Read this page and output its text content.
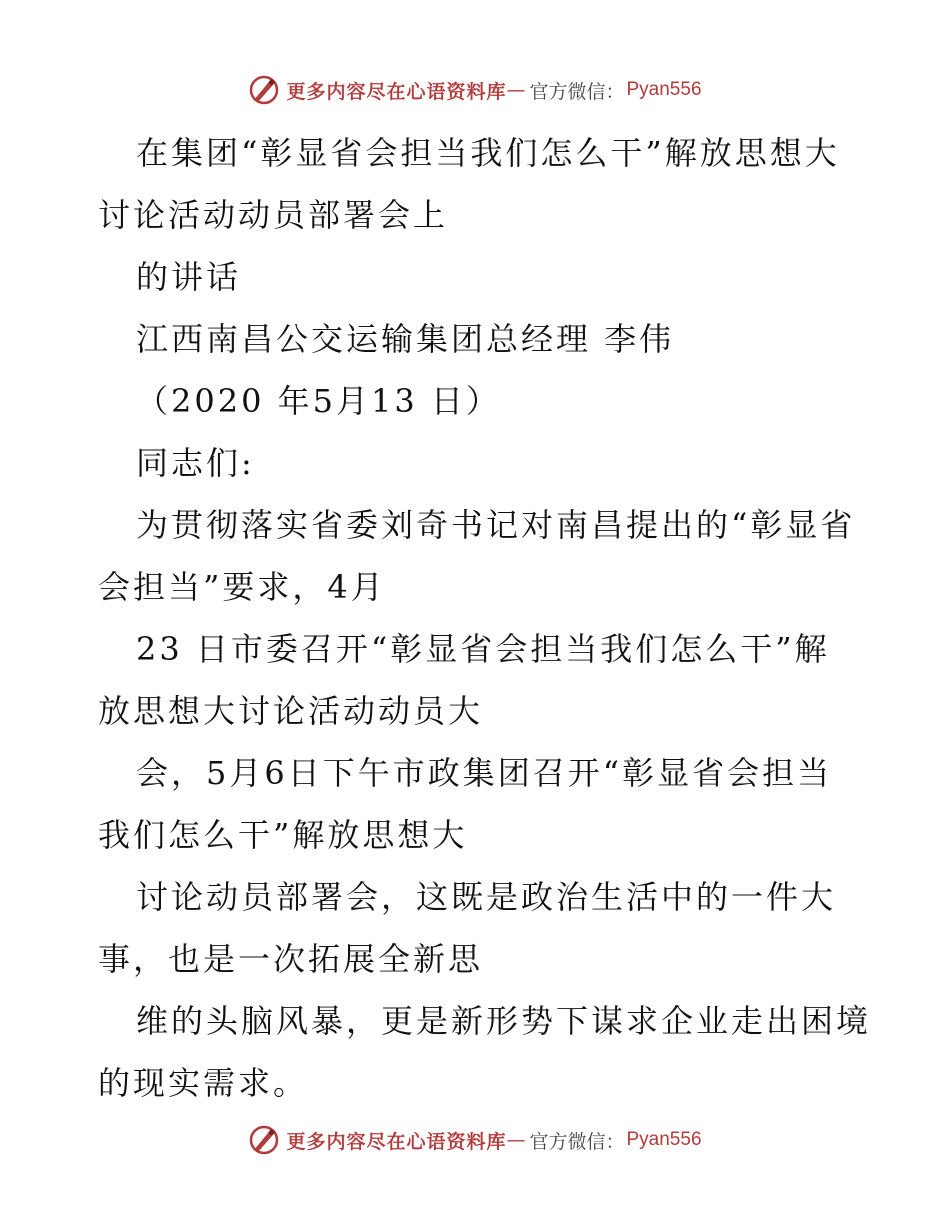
更多内容尽在心语资料库 — 官方微信： Pyan556
在集团“彰显省会担当我们怎么干”解放思想大
讨论活动动员部署会上
的讲话
江西南昌公交运输集团总经理 李伟
（2020 年5月13 日）
同志们:
为贯彻落实省委刘奇书记对南昌提出的“彰显省
会担当”要求，4月
23 日市委召开“彰显省会担当我们怎么干”解
放思想大讨论活动动员大
会，5月6日下午市政集团召开“彰显省会担当
我们怎么干”解放思想大
讨论动员部署会，这既是政治生活中的一件大
事，也是一次拓展全新思
维的头脑风暴，更是新形势下谋求企业走出困境
的现实需求。
更多内容尽在心语资料库 — 官方微信： Pyan556
